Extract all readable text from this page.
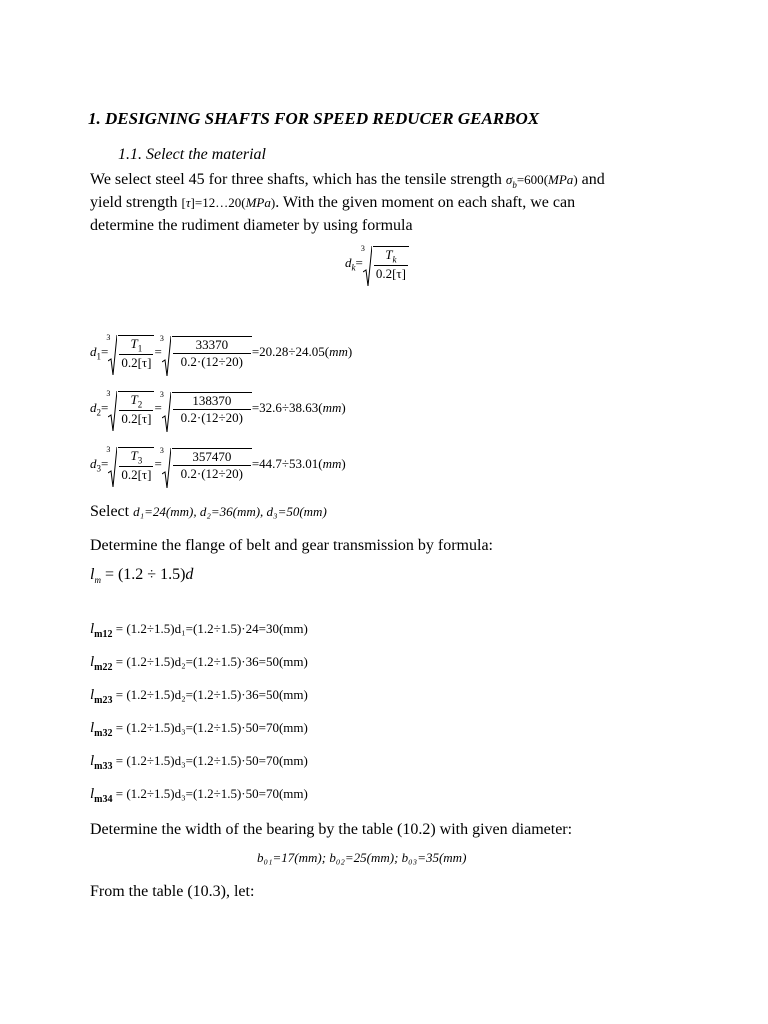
1. DESIGNING SHAFTS FOR SPEED REDUCER GEARBOX
1.1. Select the material
We select steel 45 for three shafts, which has the tensile strength $\sigma_b=600(MPa)$ and
yield strength [τ]=12…20(MPa). With the given moment on each shaft, we can
determine the rudiment diameter by using formula
$d_k=$
$3 \frac{T_k}{0.2[\tau]}$
$d_1=$
$3 \frac{T_1}{0.2[\tau]}$ =
$3 \frac{33370}{0.2\cdot(12\div 20)} =20.28\div 24.05(mm)$
$d_2=$
$3 \frac{T_2}{0.2[\tau]}$ =
$3 \frac{138370}{0.2\cdot(12\div 20)} =32.6\div 38.63(mm)$
$d_3=$
$3 \frac{T_3}{0.2[\tau]}$ =
$3 \frac{357470}{0.2\cdot(12\div 20)} =44.7\div 53.01(mm)$
Select d₁=24(mm), d₂=36(mm), d₃=50(mm)
Determine the flange of belt and gear transmission by formula:
$l_m = (1.2 \div 1.5)d$
$l_{m12} = (1.2\div 1.5)d_1=(1.2\div 1.5)\cdot 24=30(mm)$
$l_{m22} = (1.2\div 1.5)d_2=(1.2\div 1.5)\cdot 36=50(mm)$
$l_{m23} = (1.2\div 1.5)d_2=(1.2\div 1.5)\cdot 36=50(mm)$
$l_{m32} = (1.2\div 1.5)d_3=(1.2\div 1.5)\cdot 50=70(mm)$
$l_{m33} = (1.2\div 1.5)d_3=(1.2\div 1.5)\cdot 50=70(mm)$
$l_{m34} = (1.2\div 1.5)d_3=(1.2\div 1.5)\cdot 50=70(mm)$
Determine the width of the bearing by the table (10.2) with given diameter:
b₀₁=17(mm); b₀₂=25(mm); b₀₃=35(mm)
From the table (10.3), let:
